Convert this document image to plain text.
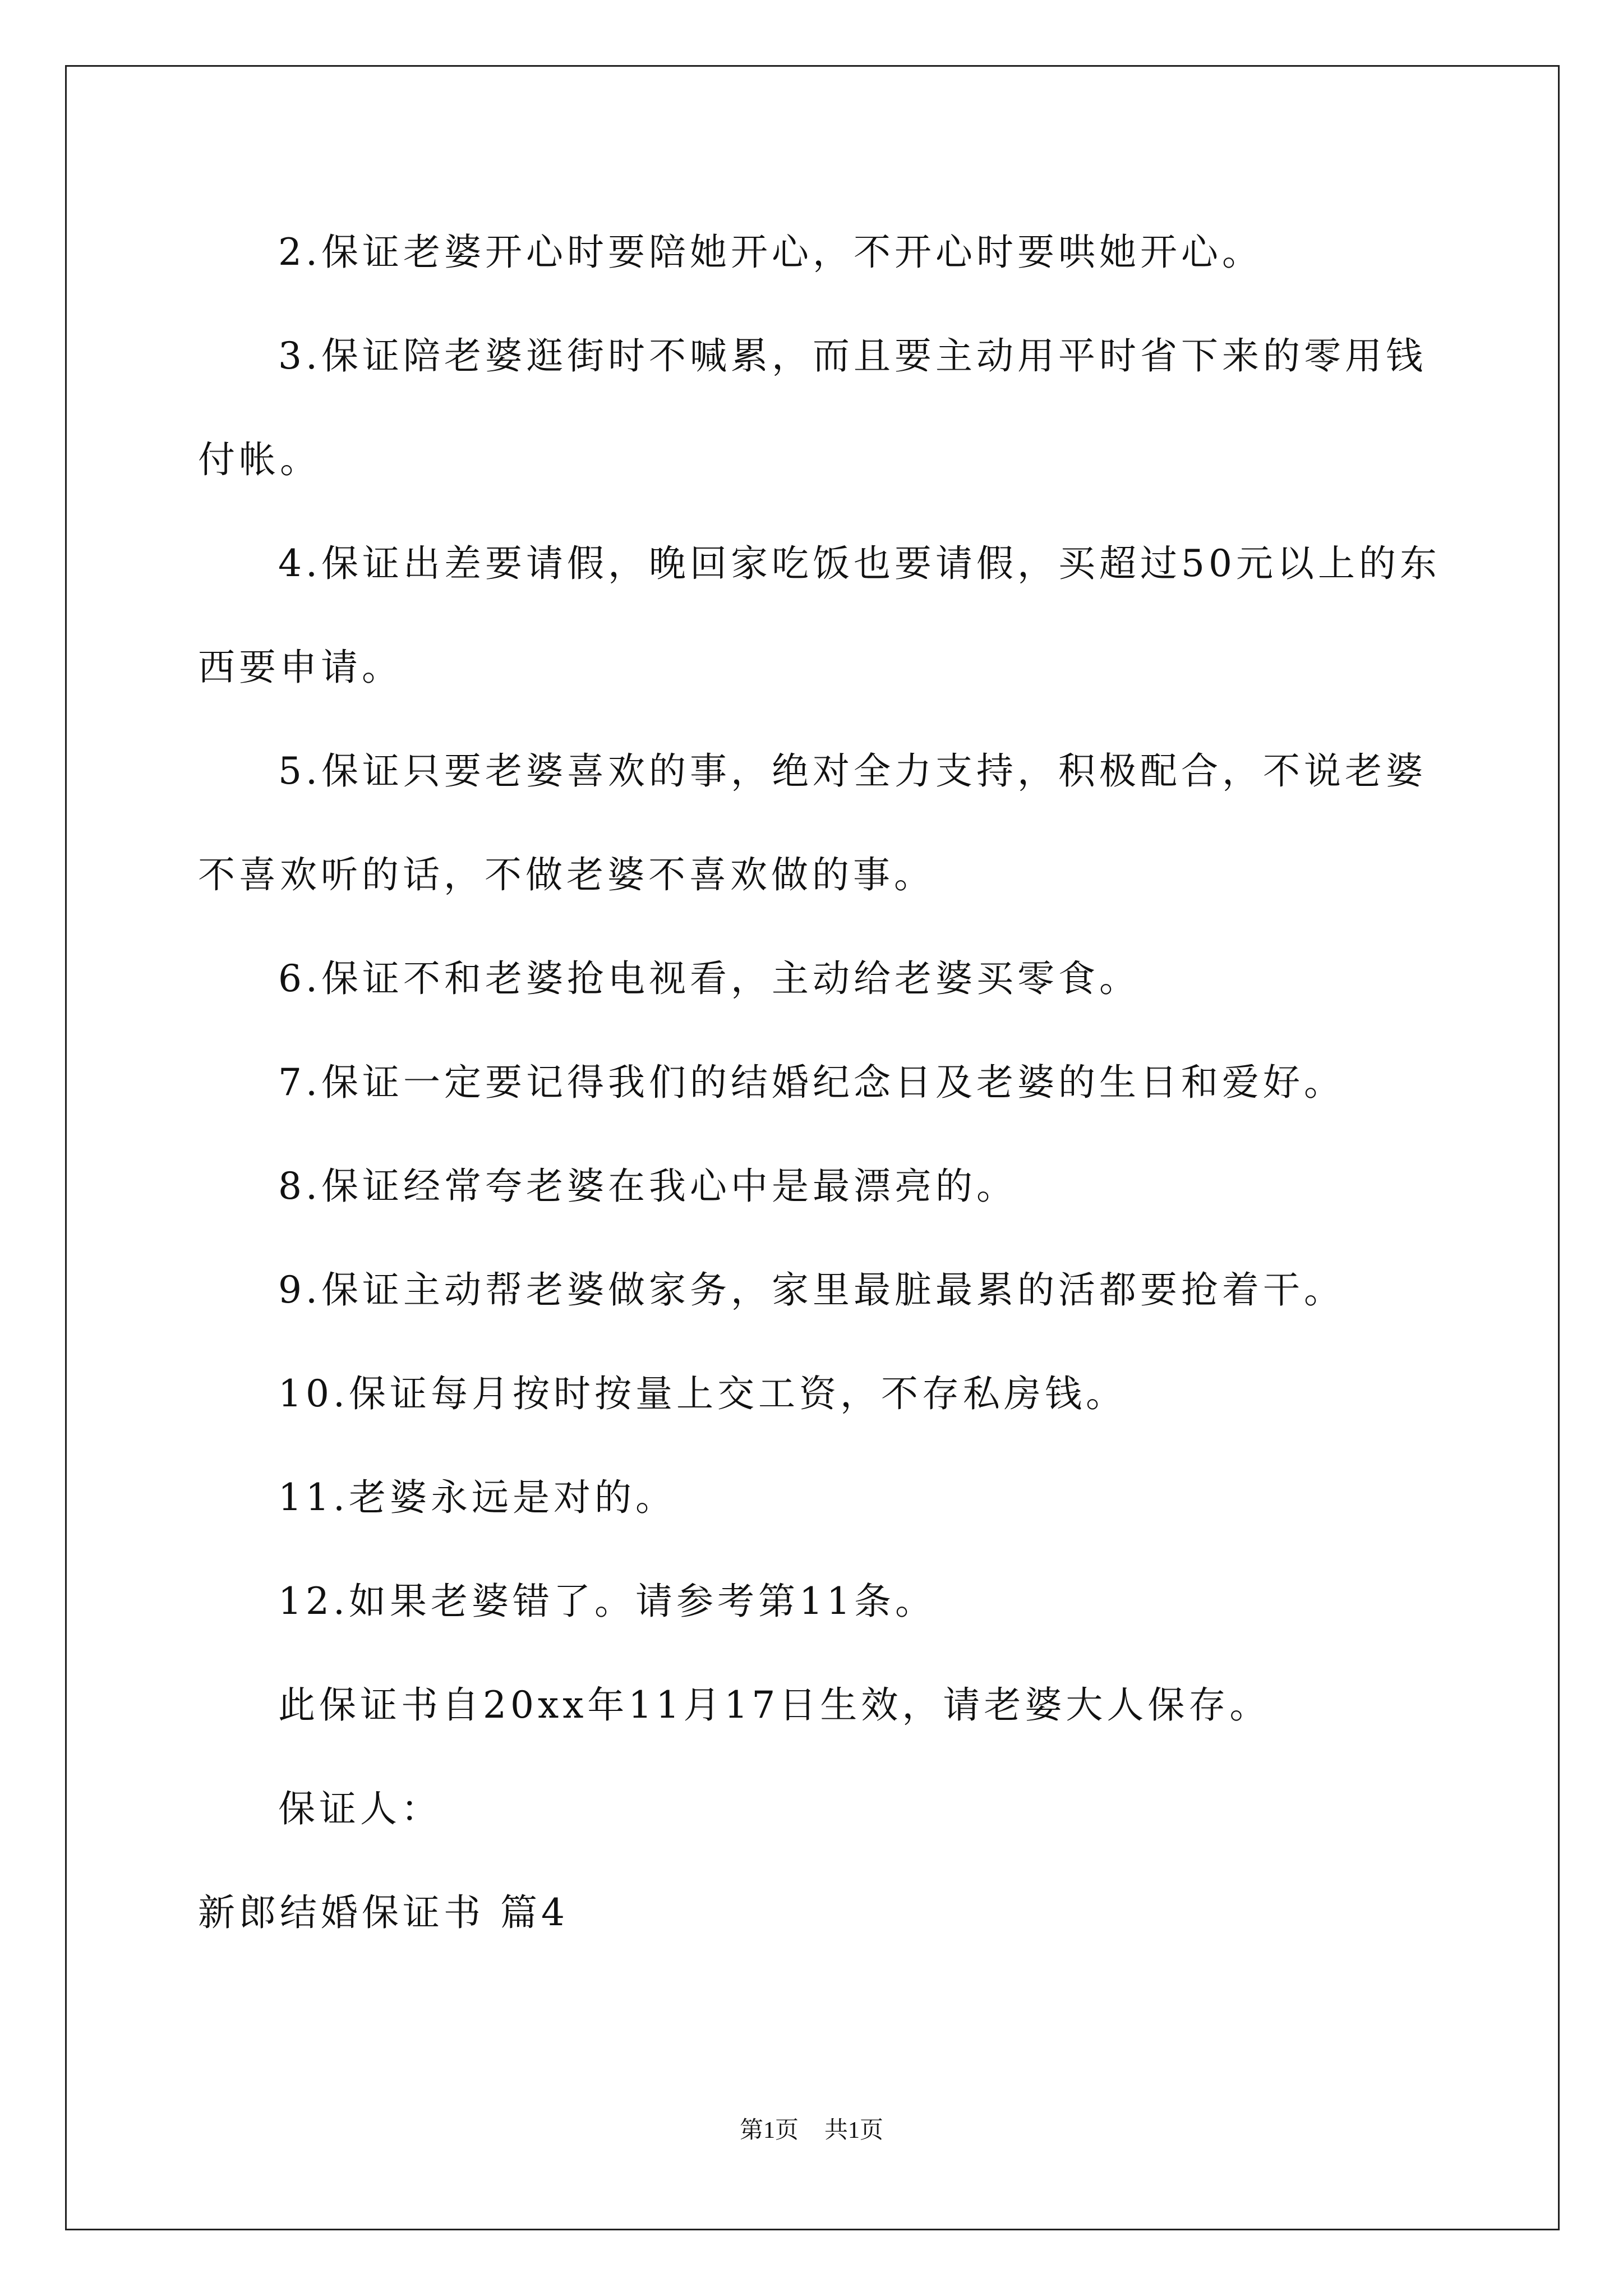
2.保证老婆开心时要陪她开心，不开心时要哄她开心。
3.保证陪老婆逛街时不喊累，而且要主动用平时省下来的零用钱
付帐。
4.保证出差要请假，晚回家吃饭也要请假，买超过50元以上的东
西要申请。
5.保证只要老婆喜欢的事，绝对全力支持，积极配合，不说老婆
不喜欢听的话，不做老婆不喜欢做的事。
6.保证不和老婆抢电视看，主动给老婆买零食。
7.保证一定要记得我们的结婚纪念日及老婆的生日和爱好。
8.保证经常夸老婆在我心中是最漂亮的。
9.保证主动帮老婆做家务，家里最脏最累的活都要抢着干。
10.保证每月按时按量上交工资，不存私房钱。
11.老婆永远是对的。
12.如果老婆错了。请参考第11条。
此保证书自20xx年11月17日生效，请老婆大人保存。
保证人：
新郎结婚保证书 篇4
第1页 共1页
